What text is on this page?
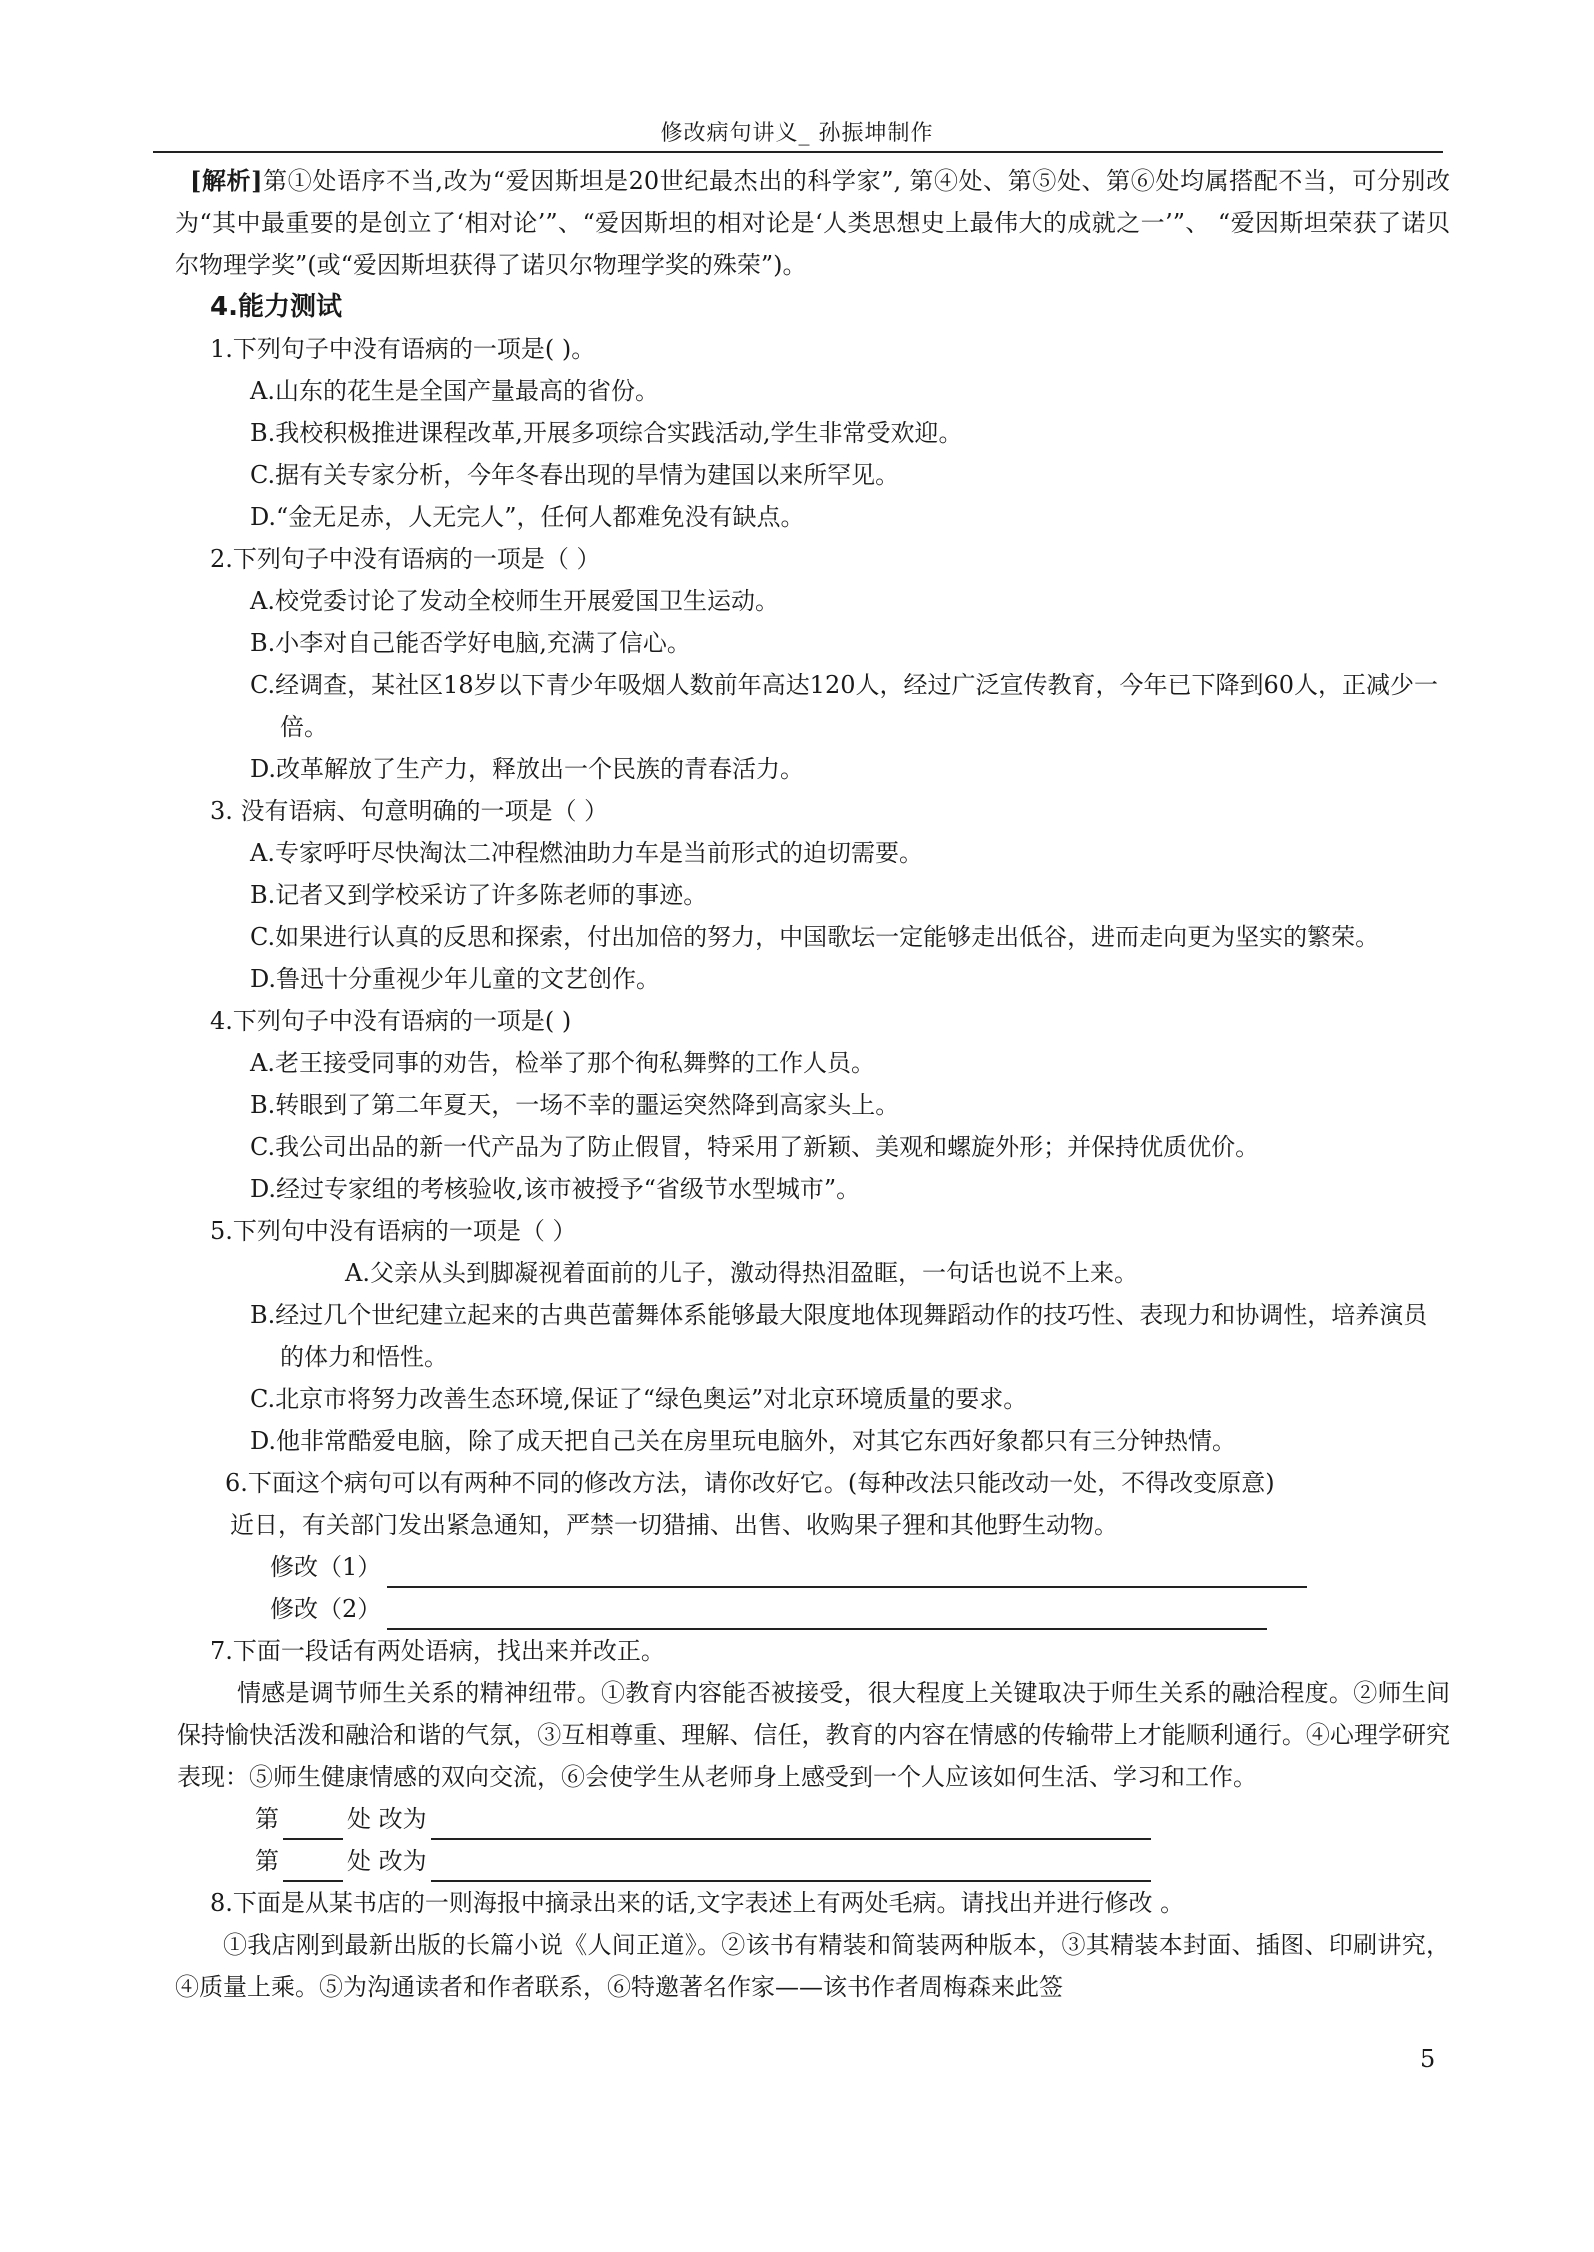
修改病句讲义_ 孙振坤制作

[解析]第①处语序不当,改为“爱因斯坦是20世纪最杰出的科学家”, 第④处、第⑤处、第⑥处均属搭配不当，可分别改为“其中最重要的是创立了‘相对论’”、“爱因斯坦的相对论是‘人类思想史上最伟大的成就之一’”、 “爱因斯坦荣获了诺贝尔物理学奖”(或“爱因斯坦获得了诺贝尔物理学奖的殊荣”)。

4.能力测试
1.下列句子中没有语病的一项是( )。
A.山东的花生是全国产量最高的省份。
B.我校积极推进课程改革,开展多项综合实践活动,学生非常受欢迎。
C.据有关专家分析，今年冬春出现的旱情为建国以来所罕见。
D.“金无足赤，人无完人”，任何人都难免没有缺点。
2.下列句子中没有语病的一项是（ ）
A.校党委讨论了发动全校师生开展爱国卫生运动。
B.小李对自己能否学好电脑,充满了信心。
C.经调查，某社区18岁以下青少年吸烟人数前年高达120人，经过广泛宣传教育，今年已下降到60人，正减少一倍。
D.改革解放了生产力，释放出一个民族的青春活力。
3. 没有语病、句意明确的一项是（ ）
A.专家呼吁尽快淘汰二冲程燃油助力车是当前形式的迫切需要。
B.记者又到学校采访了许多陈老师的事迹。
C.如果进行认真的反思和探索，付出加倍的努力，中国歌坛一定能够走出低谷，进而走向更为坚实的繁荣。
D.鲁迅十分重视少年儿童的文艺创作。
4.下列句子中没有语病的一项是( )
A.老王接受同事的劝告，检举了那个徇私舞弊的工作人员。
B.转眼到了第二年夏天，一场不幸的噩运突然降到高家头上。
C.我公司出品的新一代产品为了防止假冒，特采用了新颖、美观和螺旋外形；并保持优质优价。
D.经过专家组的考核验收,该市被授予“省级节水型城市”。
5.下列句中没有语病的一项是（ ）
A.父亲从头到脚凝视着面前的儿子，激动得热泪盈眶，一句话也说不上来。
B.经过几个世纪建立起来的古典芭蕾舞体系能够最大限度地体现舞蹈动作的技巧性、表现力和协调性，培养演员的体力和悟性。
C.北京市将努力改善生态环境,保证了“绿色奥运”对北京环境质量的要求。
D.他非常酷爱电脑，除了成天把自己关在房里玩电脑外，对其它东西好象都只有三分钟热情。
6.下面这个病句可以有两种不同的修改方法，请你改好它。(每种改法只能改动一处，不得改变原意)
近日，有关部门发出紧急通知，严禁一切猎捕、出售、收购果子狸和其他野生动物。
修改（1）
修改（2）
7.下面一段话有两处语病，找出来并改正。

情感是调节师生关系的精神纽带。①教育内容能否被接受，很大程度上关键取决于师生关系的融洽程度。②师生间保持愉快活泼和融洽和谐的气氛，③互相尊重、理解、信任，教育的内容在情感的传输带上才能顺利通行。④心理学研究表现：⑤师生健康情感的双向交流，⑥会使学生从老师身上感受到一个人应该如何生活、学习和工作。

第	处 改为
第	处 改为
8.下面是从某书店的一则海报中摘录出来的话,文字表述上有两处毛病。请找出并进行修改 。

①我店刚到最新出版的长篇小说《人间正道》。②该书有精装和简装两种版本，③其精装本封面、插图、印刷讲究，④质量上乘。⑤为沟通读者和作者联系，⑥特邀著名作家——该书作者周梅森来此签

5
